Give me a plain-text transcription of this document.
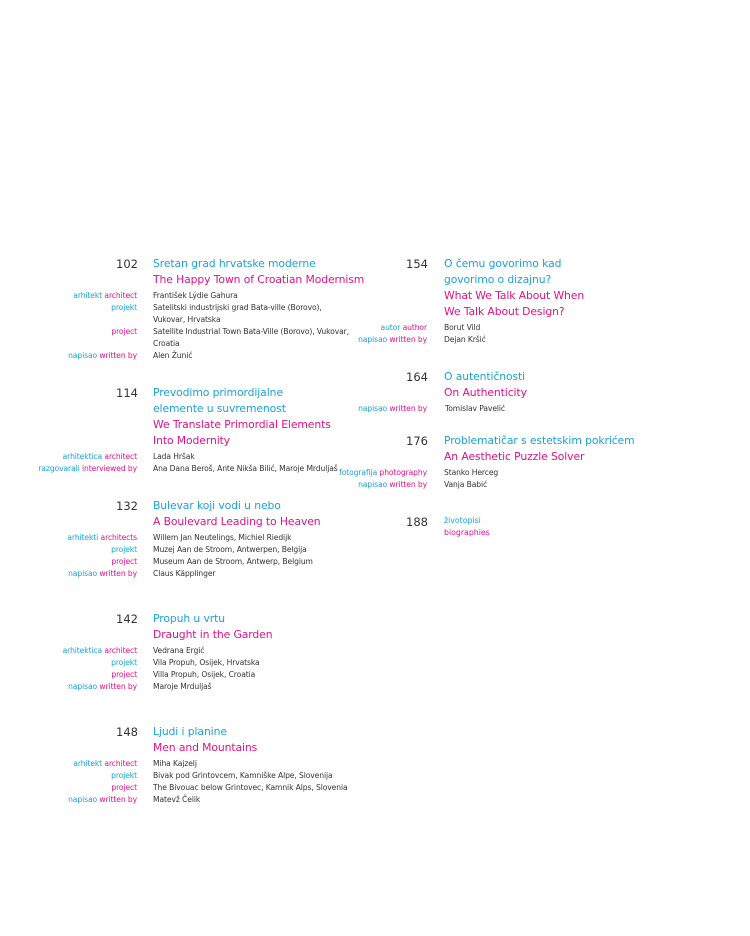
102 Sretan grad hrvatske moderne
The Happy Town of Croatian Modernism
arhitekt architect František Lýdie Gahura
projekt Satelitski industrijski grad Bata-ville (Borovo),
Vukovar, Hrvatska
project Satellite Industrial Town Bata-Ville (Borovo), Vukovar,
Croatia
napisao written by Alen Žunić
114 Prevodimo primordijalne
elemente u suvremenost
We Translate Primordial Elements
Into Modernity
arhitektica architect Lada Hršak
razgovarali interviewed by Ana Dana Beroš, Ante Nikša Bilić, Maroje Mrduljaš
132 Bulevar koji vodi u nebo
A Boulevard Leading to Heaven
arhitekti architects Willem Jan Neutelings, Michiel Riedijk
projekt Muzej Aan de Stroom, Antwerpen, Belgija
project Museum Aan de Stroom, Antwerp, Belgium
napisao written by Claus Käpplinger
142 Propuh u vrtu
Draught in the Garden
arhitektica architect Vedrana Ergić
projekt Vila Propuh, Osijek, Hrvatska
project Villa Propuh, Osijek, Croatia
napisao written by Maroje Mrduljaš
148 Ljudi i planine
Men and Mountains
arhitekt architect Miha Kajzelj
projekt Bivak pod Grintovcem, Kamniške Alpe, Slovenija
project The Bivouac below Grintovec, Kamnik Alps, Slovenia
napisao written by Matevž Čelik
154 O čemu govorimo kad
govorimo o dizajnu?
What We Talk About When
We Talk About Design?
autor author Borut Vild
napisao written by Dejan Kršić
164 O autentičnosti
On Authenticity
napisao written by Tomislav Pavelić
176 Problematičar s estetskim pokrićem
An Aesthetic Puzzle Solver
fotografija photography Stanko Herceg
napisao written by Vanja Babić
188 životopisi
biographies
